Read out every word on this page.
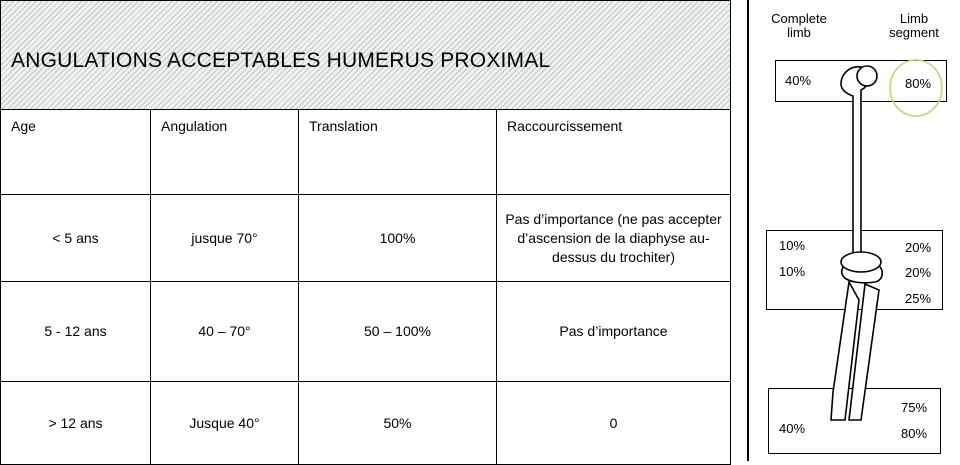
ANGULATIONS ACCEPTABLES HUMERUS PROXIMAL			

Age	Angulation	Translation	Raccourcissement

< 5 ans	jusque 70°	100%	Pas d’importance (ne pas accepter d’ascension de la diaphyse au-dessus du trochiter)

5 - 12 ans	40 – 70°	50 – 100%	Pas d’importance

> 12 ans	Jusque 40°	50%	0
Complete
limb
Limb
segment
40%	80%
10%
10%
20%
20%
25%
40%
75%
80%
